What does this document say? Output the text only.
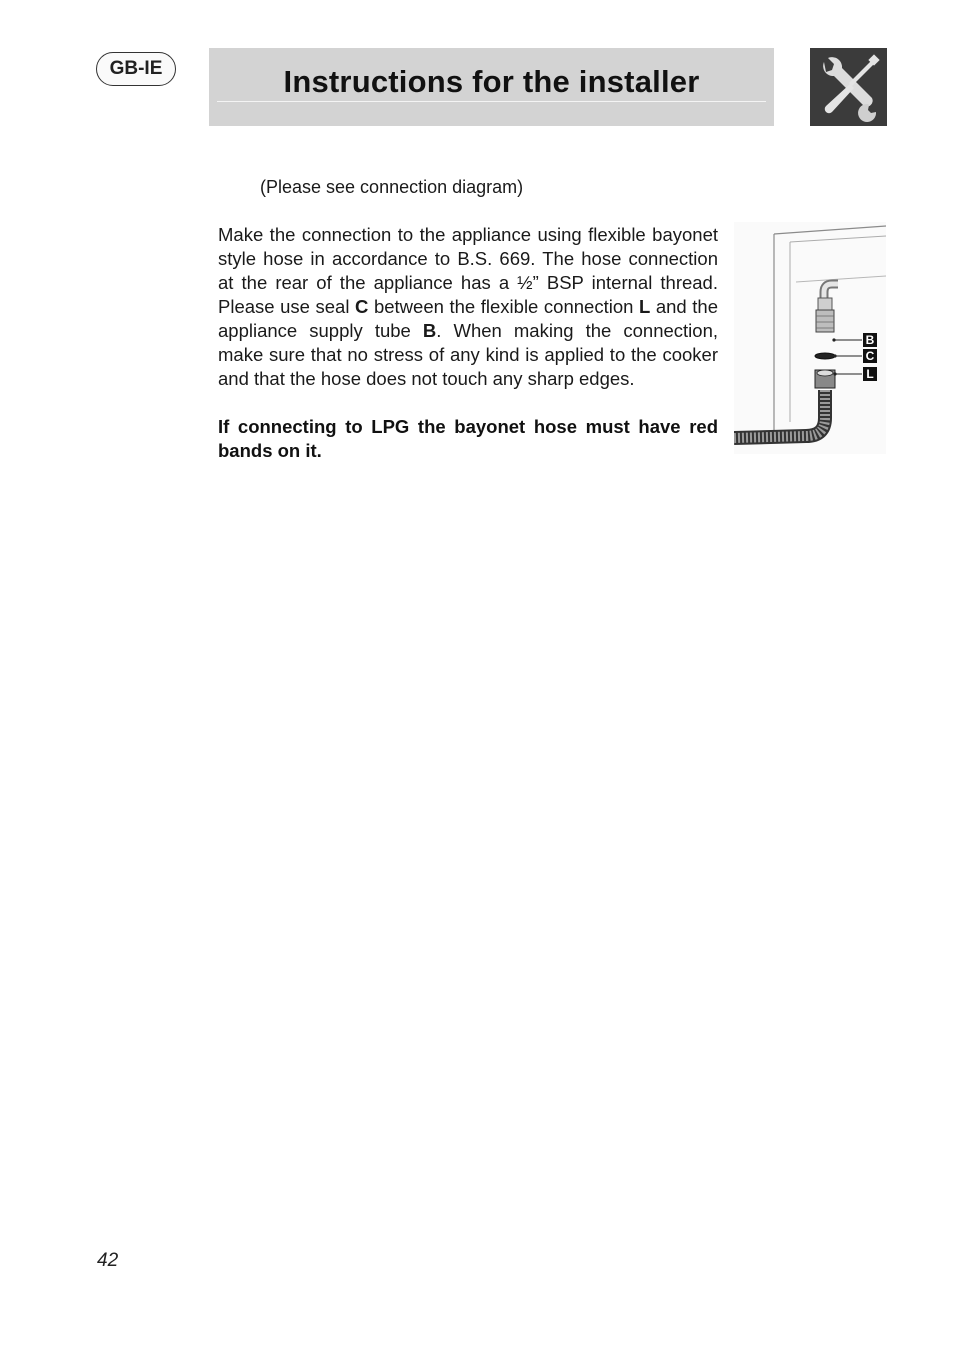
GB-IE	Instructions for the installer
(Please see connection diagram)

Make the connection to the appliance using flexible bayonet style hose in accordance to B.S. 669. The hose connection at the rear of the appliance has a ½” BSP internal thread. Please use seal C between the flexible connection L and the appliance supply tube B. When making the connection, make sure that no stress of any kind is applied to the cooker and that the hose does not touch any sharp edges.

If connecting to LPG the bayonet hose must have red bands on it.
B
C
L
42
